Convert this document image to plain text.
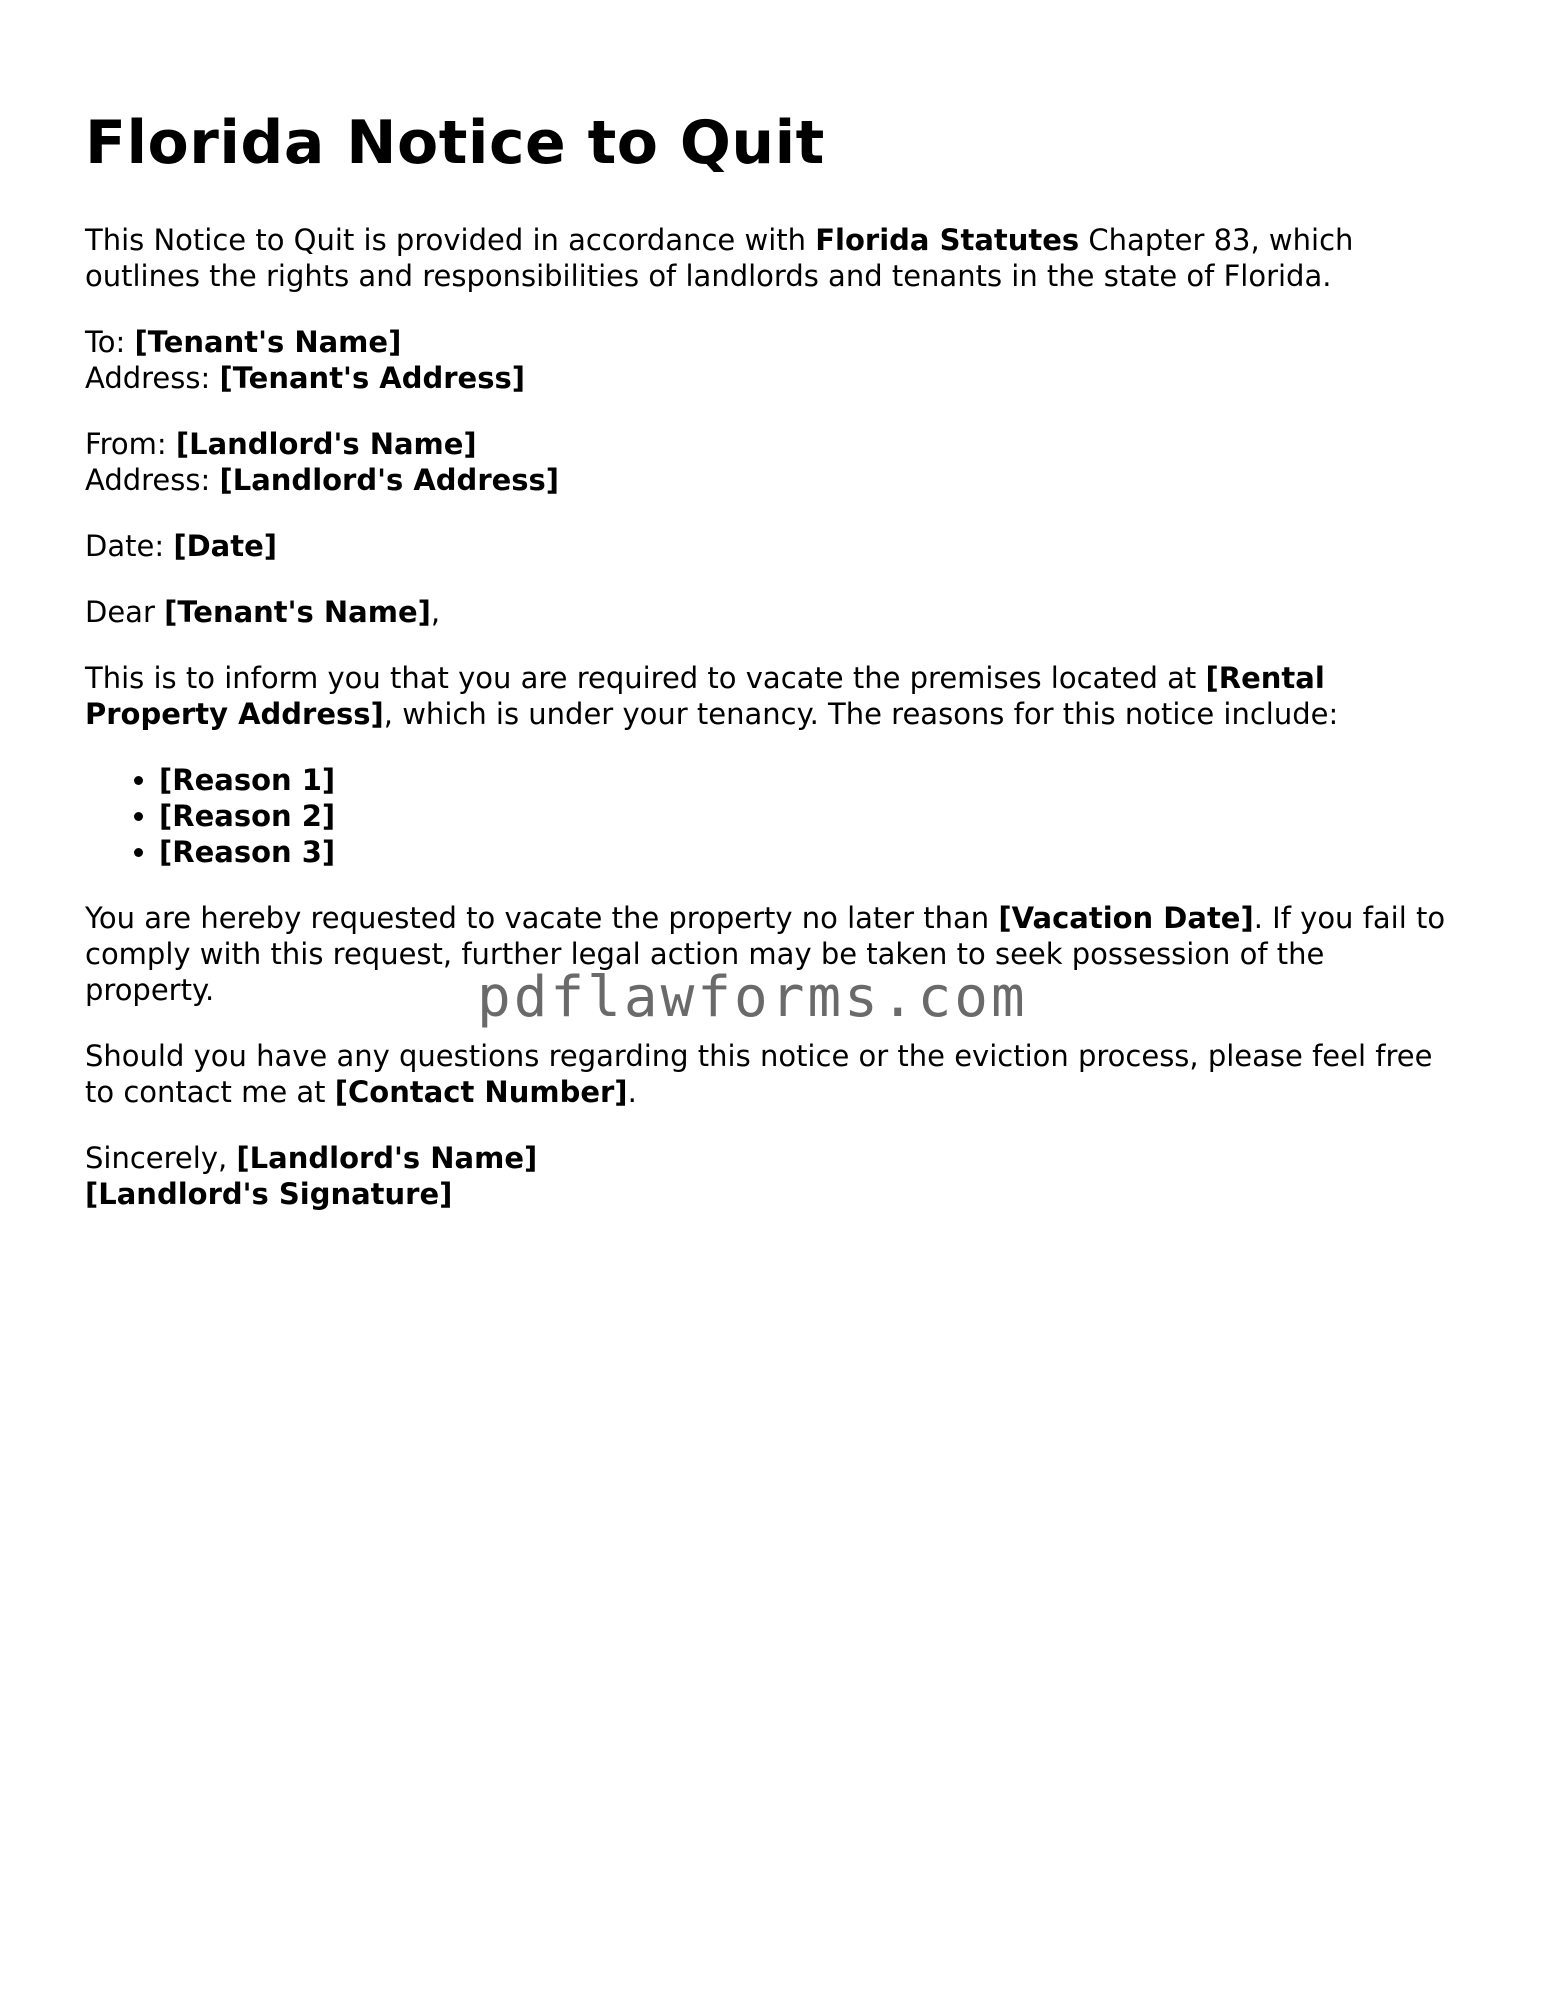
Florida Notice to Quit

This Notice to Quit is provided in accordance with Florida Statutes Chapter 83, which outlines the rights and responsibilities of landlords and tenants in the state of Florida.

To: [Tenant's Name]
Address: [Tenant's Address]

From: [Landlord's Name]
Address: [Landlord's Address]

Date: [Date]

Dear [Tenant's Name],

This is to inform you that you are required to vacate the premises located at [Rental Property Address], which is under your tenancy. The reasons for this notice include:

• [Reason 1]
• [Reason 2]
• [Reason 3]

You are hereby requested to vacate the property no later than [Vacation Date]. If you fail to comply with this request, further legal action may be taken to seek possession of the property.

Should you have any questions regarding this notice or the eviction process, please feel free to contact me at [Contact Number].

Sincerely, [Landlord's Name]
[Landlord's Signature]

pdflawforms.com
